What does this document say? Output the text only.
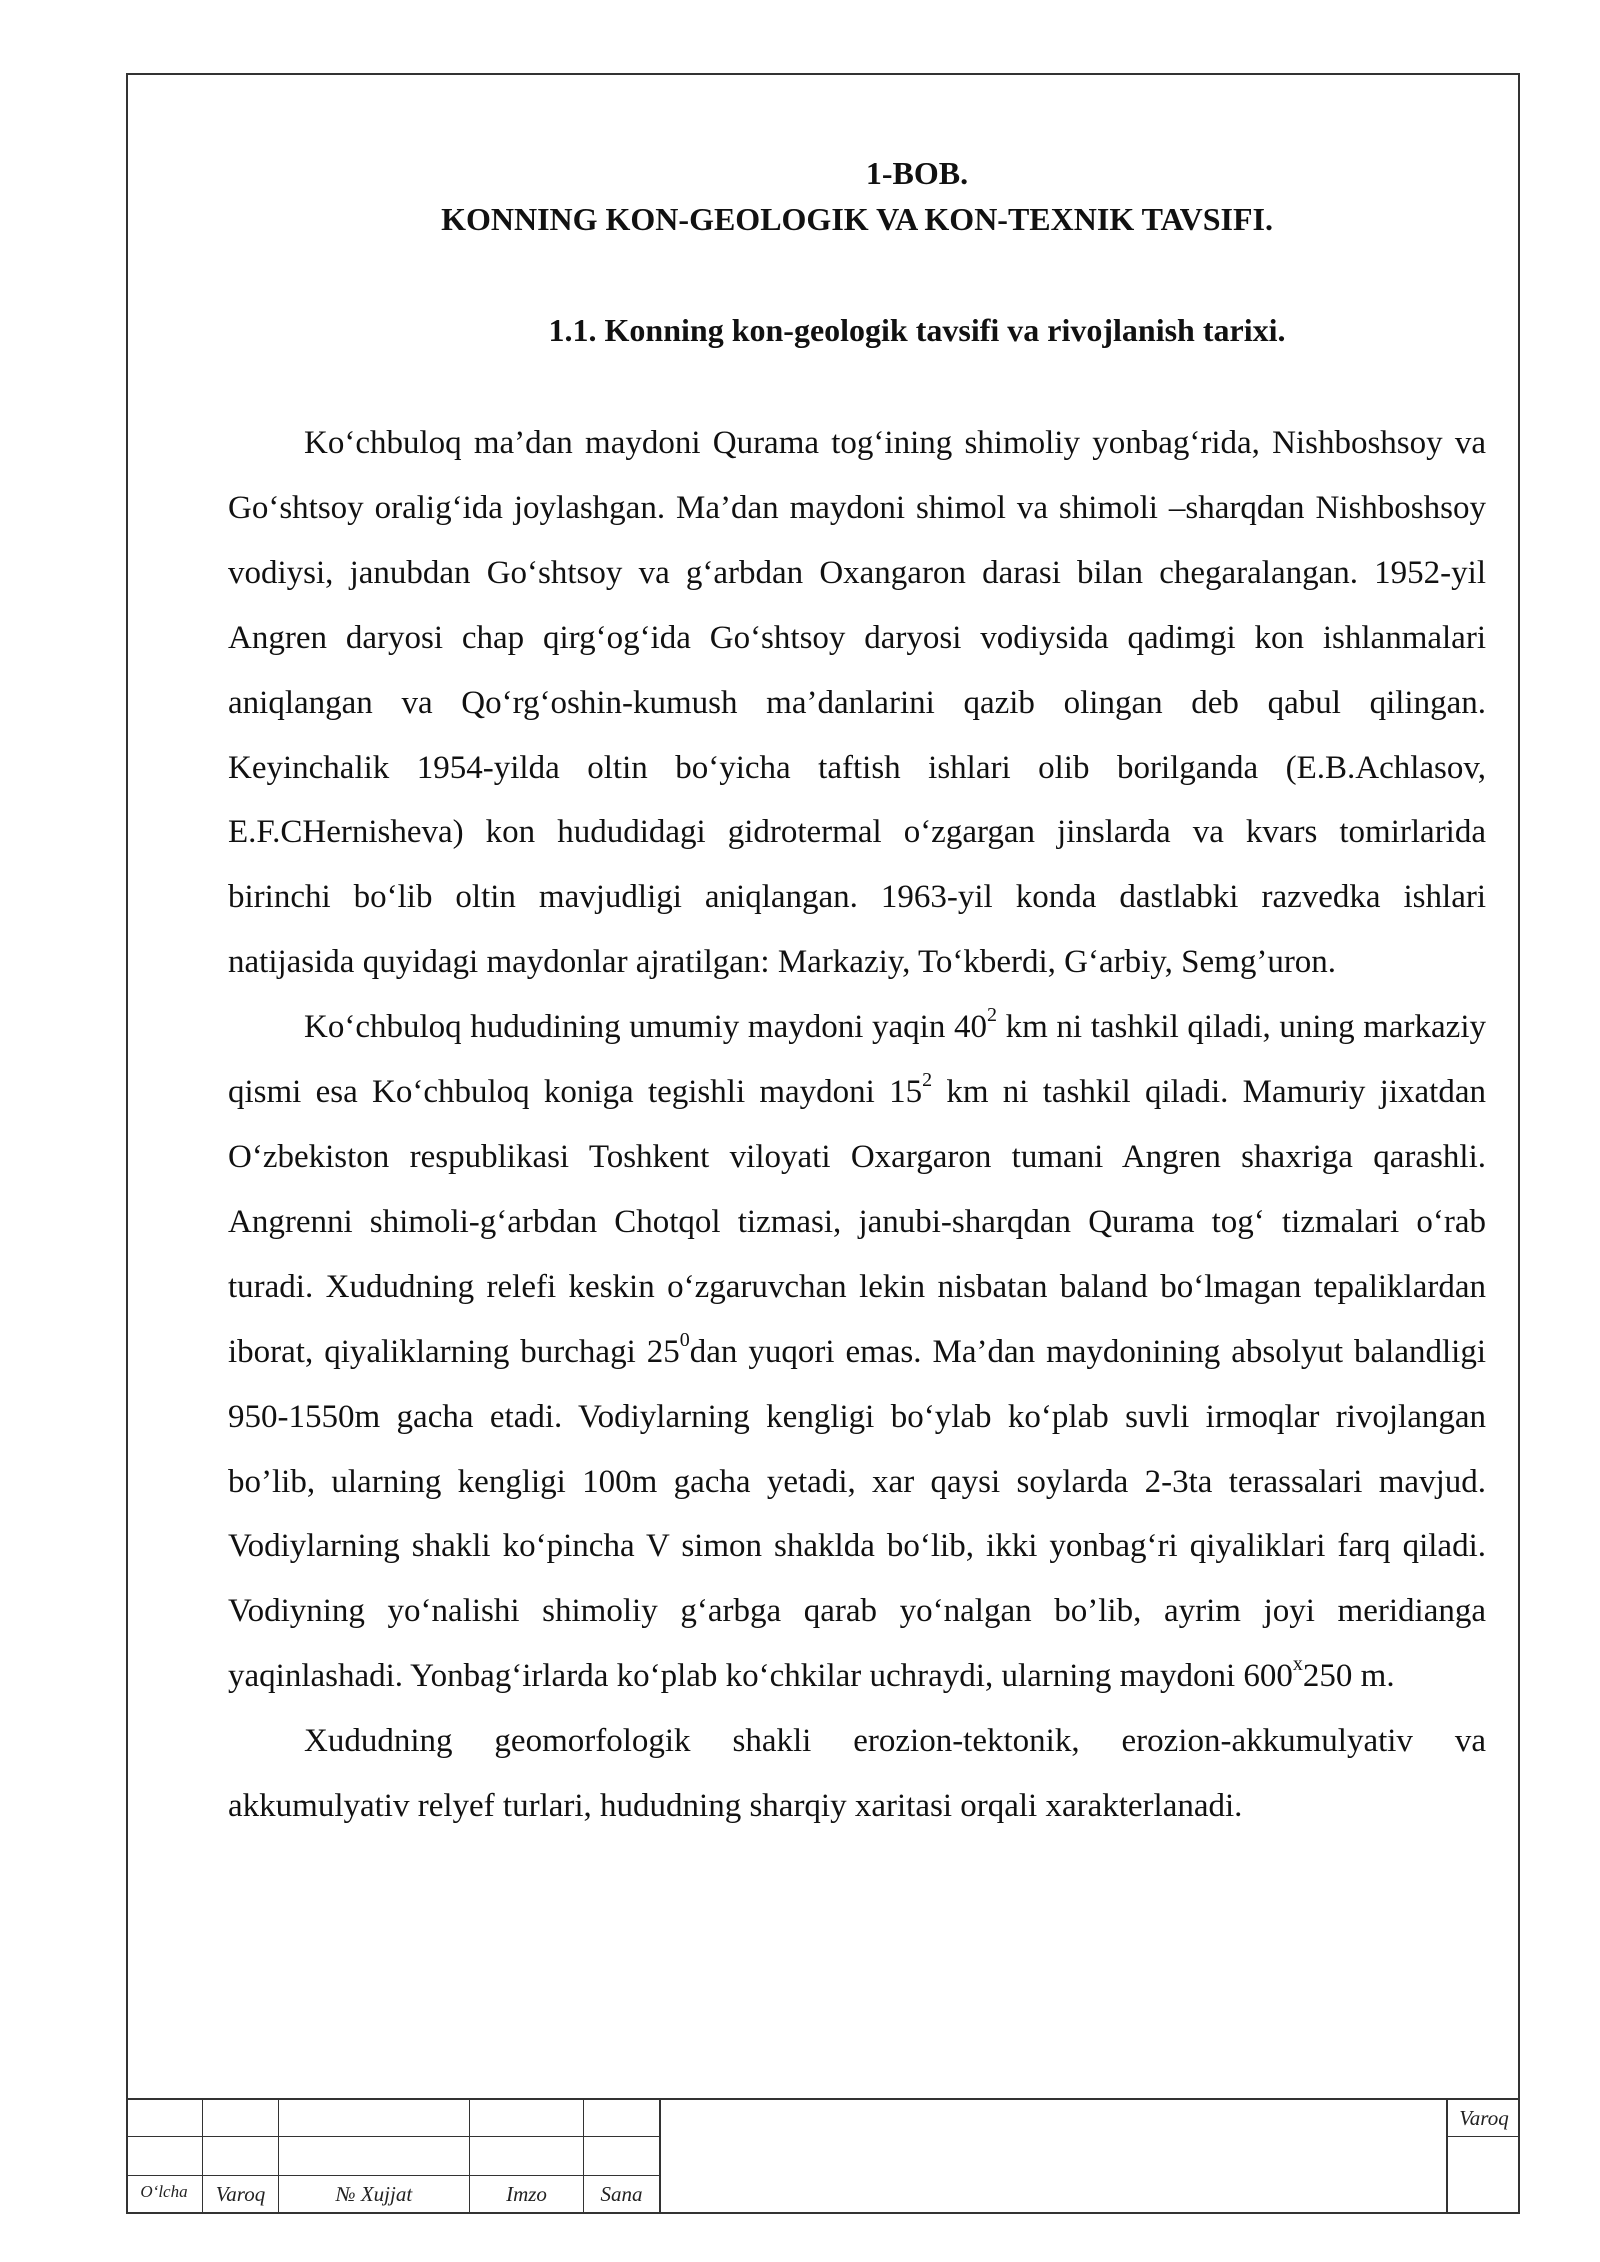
1-BOB.
KONNING KON-GEOLOGIK VA KON-TEXNIK TAVSIFI.
1.1. Konning kon-geologik tavsifi va rivojlanish tarixi.

Ko‘chbuloq ma’dan maydoni Qurama tog‘ining shimoliy yonbag‘rida, Nishboshsoy va Go‘shtsoy oralig‘ida joylashgan. Ma’dan maydoni shimol va shimoli –sharqdan Nishboshsoy vodiysi, janubdan Go‘shtsoy va g‘arbdan Oxangaron darasi bilan chegaralangan. 1952-yil Angren daryosi chap qirg‘og‘ida Go‘shtsoy daryosi vodiysida qadimgi kon ishlanmalari aniqlangan va Qo‘rg‘oshin-kumush ma’danlarini qazib olingan deb qabul qilingan. Keyinchalik 1954-yilda oltin bo‘yicha taftish ishlari olib borilganda (E.B.Achlasov, E.F.CHernisheva) kon hududidagi gidrotermal o‘zgargan jinslarda va kvars tomirlarida birinchi bo‘lib oltin mavjudligi aniqlangan. 1963-yil konda dastlabki razvedka ishlari natijasida quyidagi maydonlar ajratilgan: Markaziy, To‘kberdi, G‘arbiy, Semg’uron.

Ko‘chbuloq hududining umumiy maydoni yaqin $40^2$ km ni tashkil qiladi, uning markaziy qismi esa Ko‘chbuloq koniga tegishli maydoni $15^2$ km ni tashkil qiladi. Mamuriy jixatdan O‘zbekiston respublikasi Toshkent viloyati Oxargaron tumani Angren shaxriga qarashli. Angrenni shimoli-g‘arbdan Chotqol tizmasi, janubi-sharqdan Qurama tog‘ tizmalari o‘rab turadi. Xududning relefi keskin o‘zgaruvchan lekin nisbatan baland bo‘lmagan tepaliklardan iborat, qiyaliklarning burchagi $25^0dan$ yuqori emas. Ma’dan maydonining absolyut balandligi 950-1550m gacha etadi. Vodiylarning kengligi bo‘ylab ko‘plab suvli irmoqlar rivojlangan bo’lib, ularning kengligi 100m gacha yetadi, xar qaysi soylarda 2-3ta terassalari mavjud. Vodiylarning shakli ko‘pincha V simon shaklda bo‘lib, ikki yonbag‘ri qiyaliklari farq qiladi. Vodiyning yo‘nalishi shimoliy g‘arbga qarab yo‘nalgan bo’lib, ayrim joyi meridianga yaqinlashadi. Yonbag‘irlarda ko‘plab ko‘chkilar uchraydi, ularning maydoni 600$^x$250 m.

Xududning geomorfologik shakli erozion-tektonik, erozion-akkumulyativ va akkumulyativ relyef turlari, hududning sharqiy xaritasi orqali xarakterlanadi.

O‘lcha	Varoq	№ Xujjat	Imzo	Sana
Varoq
